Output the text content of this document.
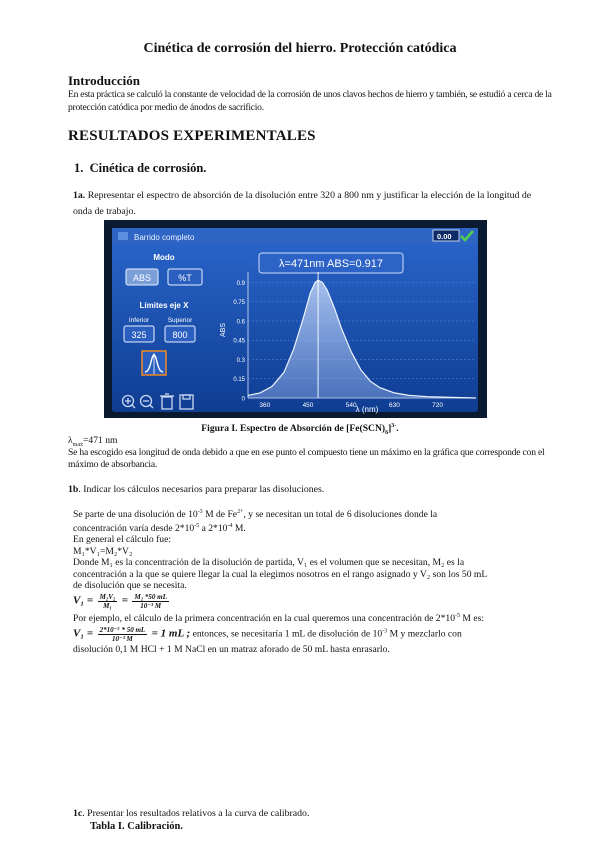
Cinética de corrosión del hierro. Protección catódica
Introducción
En esta práctica se calculó la constante de velocidad de la corrosión de unos clavos hechos de hierro y también, se estudió a cerca de la protección catódica por medio de ánodos de sacrificio.
RESULTADOS EXPERIMENTALES
1. Cinética de corrosión.
1a. Representar el espectro de absorción de la disolución entre 320 a 800 nm y justificar la elección de la longitud de onda de trabajo.
Barrido completo	0.00
Modo
ABS	%T
Límites eje X
Inferior	Superior
325	800
λ=471nm ABS=0.917
ABS
λ (nm)
0.9
0.75
0.6
0.45
0.3
0.15
0
360	450	540	630	720
Figura I. Espectro de Absorción de $[Fe(SCN)_6]^{3-}$.
$\lambda_{max}=471$ nm
Se ha escogido esa longitud de onda debido a que en ese punto el compuesto tiene un máximo en la gráfica que corresponde con el máximo de absorbancia.
1b. Indicar los cálculos necesarios para preparar las disoluciones.
Se parte de una disolución de $10^{-3}$ M de $Fe^{2+}$, y se necesitan un total de 6 disoluciones donde la
concentración varía desde $2*10^{-5}$ a $2*10^{-4}$ M.
En general el cálculo fue:
M₁*V₁=M₂*V₂
Donde M₁ es la concentración de la disolución de partida, V₁ es el volumen que se necesitan, M₂ es la
concentración a la que se quiere llegar la cual la elegimos nosotros en el rango asignado y V₂ son los 50 mL
de disolución que se necesita.
$V_1 = \frac{\text{M₂V₂}}{\text{M₁}} = \frac{\text{M₂ *50 mL}}{\text{10⁻³ M}}$
Por ejemplo, el cálculo de la primera concentración en la cual queremos una concentración de $2*10^{-5}$ M es:
$V_1 = \frac{\text{2*10⁻⁵ * 50 mL}}{\text{10⁻³ M}} = 1$ mL ; entonces, se necesitaría 1 mL de disolución de $10^{-3}$ M y mezclarlo con
disolución 0,1 M HCl + 1 M NaCl en un matraz aforado de 50 mL hasta enrasarlo.
1c. Presentar los resultados relativos a la curva de calibrado.
Tabla I. Calibración.
